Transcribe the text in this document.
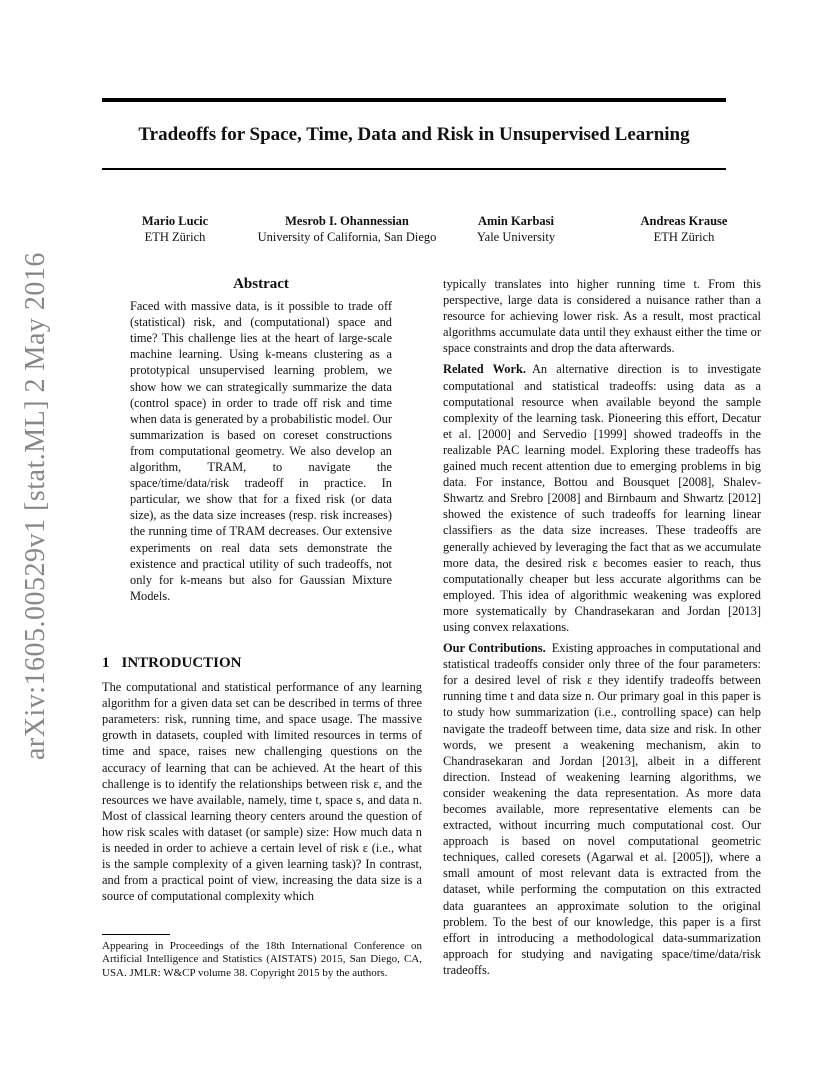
Tradeoffs for Space, Time, Data and Risk in Unsupervised Learning
Mario Lucic
ETH Zürich
Mesrob I. Ohannessian
University of California, San Diego
Amin Karbasi
Yale University
Andreas Krause
ETH Zürich
arXiv:1605.00529v1 [stat.ML] 2 May 2016	Abstract

Faced with massive data, is it possible to trade off (statistical) risk, and (computational) space and time? This challenge lies at the heart of large-scale machine learning. Using k-means clustering as a prototypical unsupervised learning problem, we show how we can strategically summarize the data (control space) in order to trade off risk and time when data is generated by a probabilistic model. Our summarization is based on coreset constructions from computational geometry. We also develop an algorithm, TRAM, to navigate the space/time/data/risk tradeoff in practice. In particular, we show that for a fixed risk (or data size), as the data size increases (resp. risk increases) the running time of TRAM decreases. Our extensive experiments on real data sets demonstrate the existence and practical utility of such tradeoffs, not only for k-means but also for Gaussian Mixture Models.

1 INTRODUCTION

The computational and statistical performance of any learning algorithm for a given data set can be described in terms of three parameters: risk, running time, and space usage. The massive growth in datasets, coupled with limited resources in terms of time and space, raises new challenging questions on the accuracy of learning that can be achieved. At the heart of this challenge is to identify the relationships between risk ε, and the resources we have available, namely, time t, space s, and data n. Most of classical learning theory centers around the question of how risk scales with dataset (or sample) size: How much data n is needed in order to achieve a certain level of risk ε (i.e., what is the sample complexity of a given learning task)? In contrast, and from a practical point of view, increasing the data size is a source of computational complexity which

Appearing in Proceedings of the 18th International Conference on Artificial Intelligence and Statistics (AISTATS) 2015, San Diego, CA, USA. JMLR: W&CP volume 38. Copyright 2015 by the authors.

typically translates into higher running time t. From this perspective, large data is considered a nuisance rather than a resource for achieving lower risk. As a result, most practical algorithms accumulate data until they exhaust either the time or space constraints and drop the data afterwards.

Related Work. An alternative direction is to investigate computational and statistical tradeoffs: using data as a computational resource when available beyond the sample complexity of the learning task. Pioneering this effort, Decatur et al. [2000] and Servedio [1999] showed tradeoffs in the realizable PAC learning model. Exploring these tradeoffs has gained much recent attention due to emerging problems in big data. For instance, Bottou and Bousquet [2008], Shalev-Shwartz and Srebro [2008] and Birnbaum and Shwartz [2012] showed the existence of such tradeoffs for learning linear classifiers as the data size increases. These tradeoffs are generally achieved by leveraging the fact that as we accumulate more data, the desired risk ε becomes easier to reach, thus computationally cheaper but less accurate algorithms can be employed. This idea of algorithmic weakening was explored more systematically by Chandrasekaran and Jordan [2013] using convex relaxations.

Our Contributions. Existing approaches in computational and statistical tradeoffs consider only three of the four parameters: for a desired level of risk ε they identify tradeoffs between running time t and data size n. Our primary goal in this paper is to study how summarization (i.e., controlling space) can help navigate the tradeoff between time, data size and risk. In other words, we present a weakening mechanism, akin to Chandrasekaran and Jordan [2013], albeit in a different direction. Instead of weakening learning algorithms, we consider weakening the data representation. As more data becomes available, more representative elements can be extracted, without incurring much computational cost. Our approach is based on novel computational geometric techniques, called coresets (Agarwal et al. [2005]), where a small amount of most relevant data is extracted from the dataset, while performing the computation on this extracted data guarantees an approximate solution to the original problem. To the best of our knowledge, this paper is a first effort in introducing a methodological data-summarization approach for studying and navigating space/time/data/risk tradeoffs.
